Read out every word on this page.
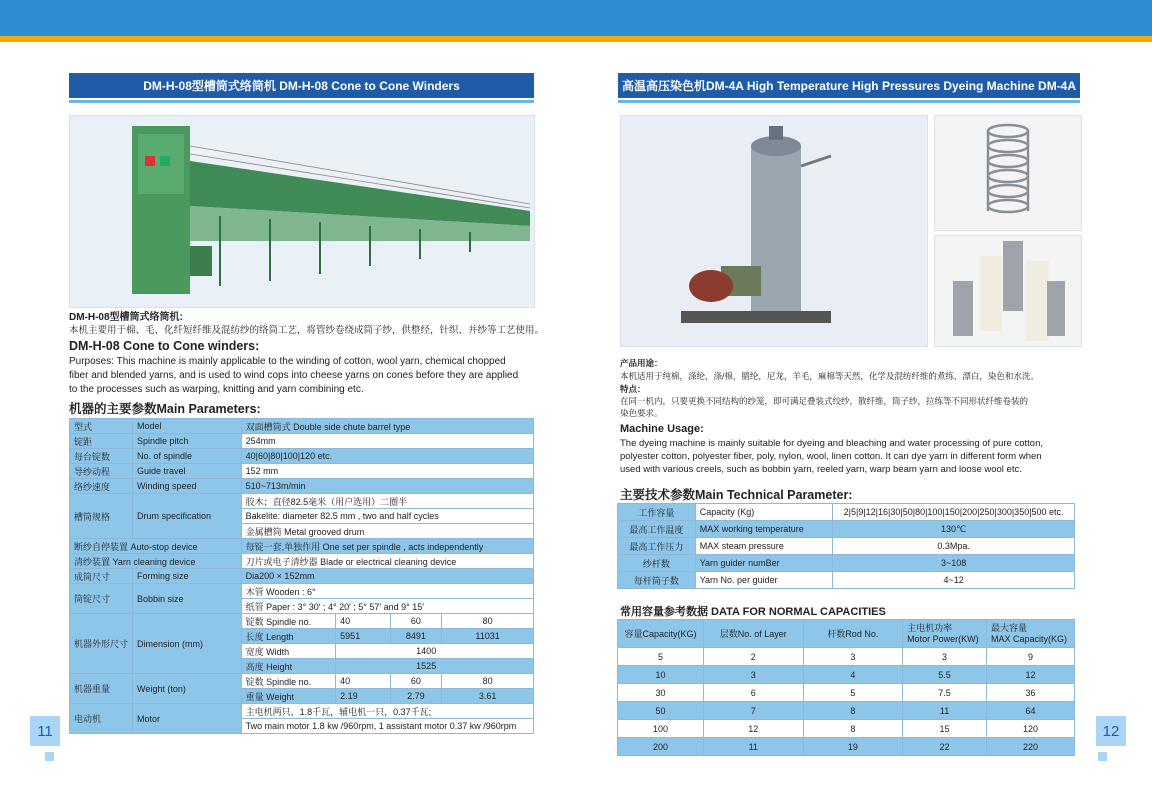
DM-H-08型槽筒式络筒机 DM-H-08 Cone to Cone Winders
DM-H-08型槽筒式络筒机:
本机主要用于棉、毛、化纤短纤维及混纺纱的络筒工艺，将管纱卷绕成筒子纱，供整经，针织、并纱等工艺使用。
DM-H-08 Cone to Cone winders:
Purposes: This machine is mainly applicable to the winding of cotton, wool yarn, chemical chopped
fiber and blended yarns, and is used to wind cops into cheese yarns on cones before they are applied
to the processes such as warping, knitting and yarn combining etc.
机器的主要参数Main Parameters:
型式	Model	双面槽筒式 Double side chute barrel type			
锭距	Spindle pitch	254mm			
每台锭数	No. of spindle	40|60|80|100|120 etc.			
导纱动程	Guide travel	152 mm			
络纱速度	Winding speed	510~713m/min			
槽筒规格	Drum specification	胶木；直径82.5毫米（用户选用）二圈半			
		Bakelite: diameter 82.5 mm , two and half cycles			
		金属槽筒 Metal grooved drum			
断纱自停装置 Auto-stop device		每锭一套,单独作用 One set per spindle , acts independently			
清纱装置 Yarn cleaning device		刀片或电子清纱器 Blade or electrical cleaning device			
成筒尺寸	Forming size	Dia200 × 152mm			
筒锭尺寸	Bobbin size	木管 Wooden : 6°			
		纸管 Paper : 3° 30′ ; 4° 20′ ; 5° 57′ and 9° 15′			
机器外形尺寸	Dimension (mm)	锭数 Spindle no.	40	60	80
		长度 Length	5951	8491	11031
		宽度 Width	1400		
		高度 Height	1525		
机器重量	Weight (ton)	锭数 Spindle no.	40	60	80
		重量 Weight	2.19	2.79	3.61
电动机	Motor	主电机两只，1.8千瓦，辅电机一只，0.37千瓦;			
		Two main motor 1.8 kw /960rpm, 1 assistant motor 0.37 kw /960rpm			
11
高温高压染色机DM-4A High Temperature High Pressures Dyeing Machine DM-4A
产品用途：
本机适用于纯棉，涤纶，涤/棉，腈纶，尼龙，羊毛，麻棉等天然，化学及混纺纤维的煮练，漂白，染色和水洗。
特点：
在同一机内，只要更换不同结构的纱笼，即可满足叠装式绞纱，散纤维，筒子纱，拉练等不同形状纤维卷装的
染色要求。
Machine Usage:
The dyeing machine is mainly suitable for dyeing and bleaching and water processing of pure cotton,
polyester cotton, polyester fiber, poly, nylon, wool, linen cotton. It can dye yarn in different form when
used with various creels, such as bobbin yarn, reeled yarn, warp beam yarn and loose wool etc.
主要技术参数Main Technical Parameter:
工作容量	Capacity (Kg)	2|5|9|12|16|30|50|80|100|150|200|250|300|350|500 etc.
最高工作温度	MAX working temperature	130℃
最高工作压力	MAX steam pressure	0.3Mpa.
纱杆数	Yarn guider numBer	3~108
每杆筒子数	Yarn No. per guider	4~12
常用容量参考数据 DATA FOR NORMAL CAPACITIES
容量Capacity(KG)	层数No. of Layer	杆数Rod No.	主电机功率
Motor Power(KW)	最大容量
MAX Capacity(KG)
5	2	3	3	9
10	3	4	5.5	12
30	6	5	7.5	36
50	7	8	11	64
100	12	8	15	120
200	11	19	22	220
12
